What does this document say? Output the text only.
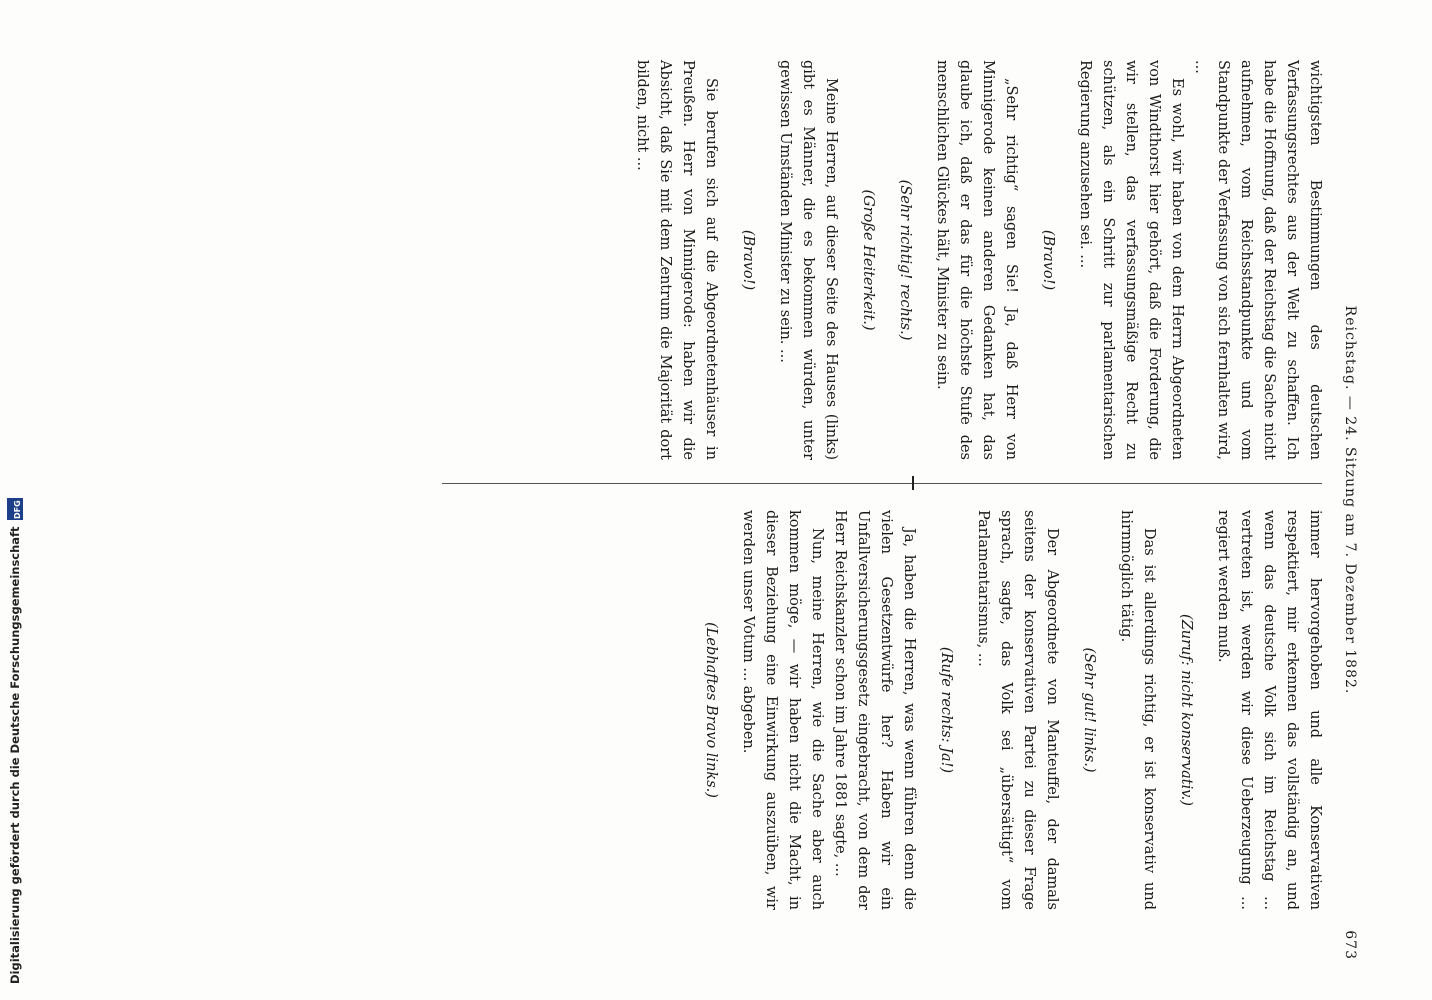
Reichstag. — 24. Sitzung am 7. Dezember 1882.
673

wichtigsten Bestimmungen des deutschen Verfassungsrechtes aus der Welt zu schaffen. Ich habe die Hoffnung, daß der Reichstag die Sache nicht aufnehmen, vom Reichsstandpunkte und vom Standpunkte der Verfassung von sich fernhalten wird, ...

Es wohl, wir haben von dem Herrn Abgeordneten von Windthorst hier gehört, daß die Forderung, die wir stellen, das verfassungsmäßige Recht zu schützen, als ein Schritt zur parlamentarischen Regierung anzusehen sei. ...

(Bravo!)

„Sehr richtig“ sagen Sie! Ja, daß Herr von Minnigerode keinen anderen Gedanken hat, das glaube ich, daß er das für die höchste Stufe des menschlichen Glückes hält, Minister zu sein.

(Sehr richtig! rechts.)

(Große Heiterkeit.)

Meine Herren, auf dieser Seite des Hauses (links) gibt es Männer, die es bekommen würden, unter gewissen Umständen Minister zu sein. ...

(Bravo!)

Sie berufen sich auf die Abgeordnetenhäuser in Preußen. Herr von Minnigerode: haben wir die Absicht, daß Sie mit dem Zentrum die Majorität dort bilden, nicht ...

immer hervorgehoben und alle Konservativen respektiert, mir erkennen das vollständig an, und wenn das deutsche Volk sich im Reichstag ... vertreten ist, werden wir diese Ueberzeugung ... regiert werden muß.

(Zuruf: nicht konservativ.)

Das ist allerdings richtig, er ist konservativ und hirnmöglich tätig.

(Sehr gut! links.)

Der Abgeordnete von Manteuffel, der damals seitens der konservativen Partei zu dieser Frage sprach, sagte, das Volk sei „übersättigt“ vom Parlamentarismus, ...

(Rufe rechts: Ja!)

Ja, haben die Herren, was wenn führen denn die vielen Gesetzentwürfe her? Haben wir ein Unfallversicherungsgesetz eingebracht, von dem der Herr Reichskanzler schon im Jahre 1881 sagte, ...

Nun, meine Herren, wie die Sache aber auch kommen möge, — wir haben nicht die Macht, in dieser Beziehung eine Einwirkung auszuüben, wir werden unser Votum ... abgeben.

(Lebhaftes Bravo links.)

Digitalisierung gefördert durch die Deutsche Forschungsgemeinschaft
DFG
